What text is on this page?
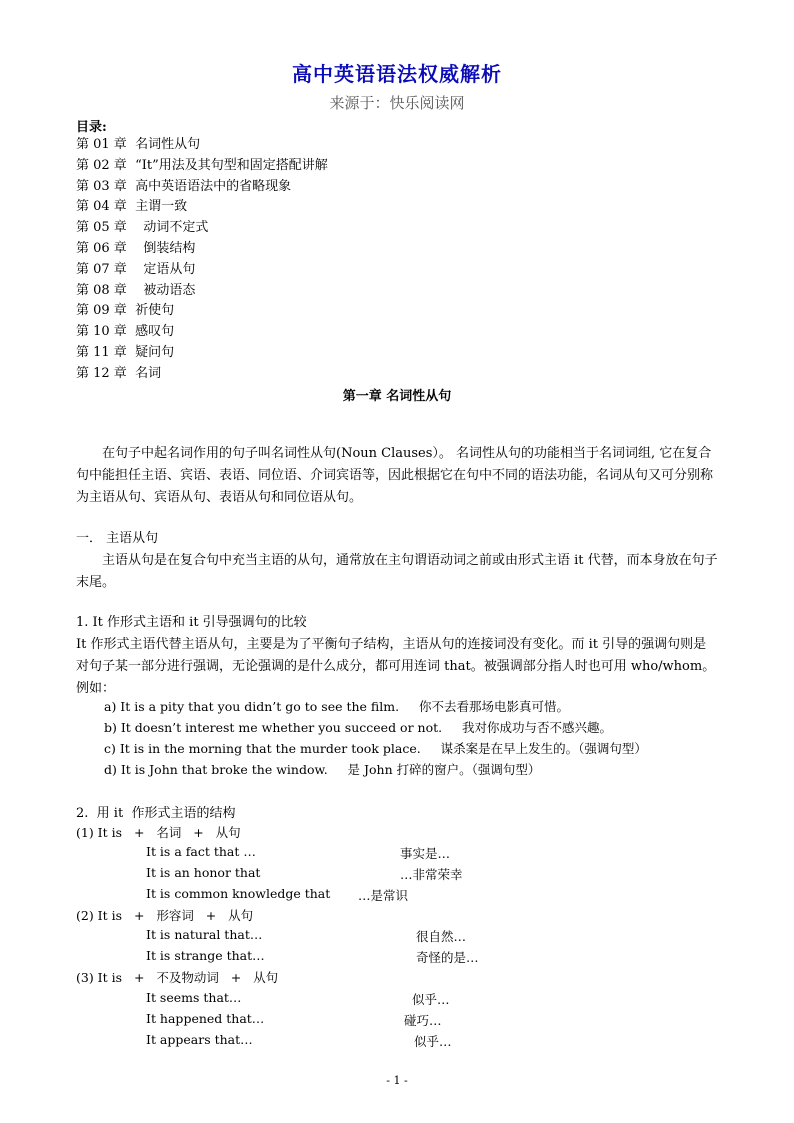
高中英语语法权威解析
来源于：快乐阅读网
目录:
第 01 章  名词性从句
第 02 章  “It”用法及其句型和固定搭配讲解
第 03 章  高中英语语法中的省略现象
第 04 章  主谓一致
第 05 章    动词不定式
第 06 章    倒装结构
第 07 章    定语从句
第 08 章    被动语态
第 09 章  祈使句
第 10 章  感叹句
第 11 章  疑问句
第 12 章  名词
第一章 名词性从句

在句子中起名词作用的句子叫名词性从句(Noun Clauses）。 名词性从句的功能相当于名词词组, 它在复合句中能担任主语、宾语、表语、同位语、介词宾语等，因此根据它在句中不同的语法功能，名词从句又可分别称为主语从句、宾语从句、表语从句和同位语从句。

一． 主语从句

主语从句是在复合句中充当主语的从句，通常放在主句谓语动词之前或由形式主语 it 代替，而本身放在句子末尾。

1. It 作形式主语和 it 引导强调句的比较

It 作形式主语代替主语从句，主要是为了平衡句子结构，主语从句的连接词没有变化。而 it 引导的强调句则是对句子某一部分进行强调，无论强调的是什么成分，都可用连词 that。被强调部分指人时也可用 who/whom。例如：

a) It is a pity that you didn’t go to see the film.     你不去看那场电影真可惜。
b) It doesn’t interest me whether you succeed or not.     我对你成功与否不感兴趣。
c) It is in the morning that the murder took place.     谋杀案是在早上发生的。（强调句型）
d) It is John that broke the window.     是 John 打碎的窗户。（强调句型）
2.  用 it  作形式主语的结构
(1) It is   +   名词   +   从句
It is a fact that …	事实是…
It is an honor that	…非常荣幸
It is common knowledge that …是常识
(2) It is   +   形容词   +   从句
It is natural that…	很自然…
It is strange that…	奇怪的是…
(3) It is   +   不及物动词   +   从句
It seems that…	似乎…
It happened that…	碰巧…
It appears that…	似乎…
- 1 -
